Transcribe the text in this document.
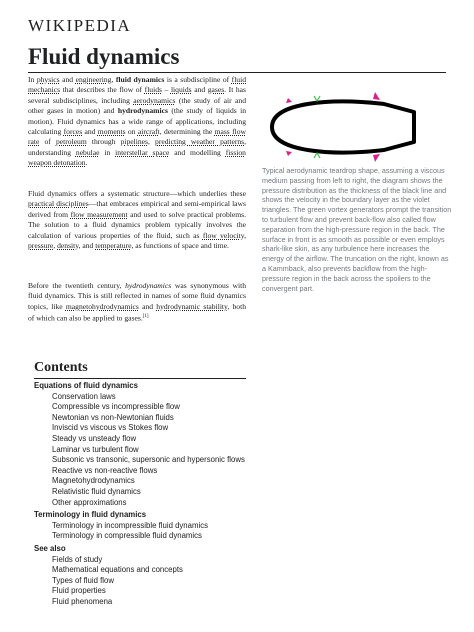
WIKIPEDIA
Fluid dynamics
In physics and engineering, fluid dynamics is a subdiscipline of fluid mechanics that describes the flow of fluids – liquids and gases. It has several subdisciplines, including aerodynamics (the study of air and other gases in motion) and hydrodynamics (the study of liquids in motion). Fluid dynamics has a wide range of applications, including calculating forces and moments on aircraft, determining the mass flow rate of petroleum through pipelines, predicting weather patterns, understanding nebulae in interstellar space and modelling fission weapon detonation.
Fluid dynamics offers a systematic structure—which underlies these practical disciplines—that embraces empirical and semi-empirical laws derived from flow measurement and used to solve practical problems. The solution to a fluid dynamics problem typically involves the calculation of various properties of the fluid, such as flow velocity, pressure, density, and temperature, as functions of space and time.
Before the twentieth century, hydrodynamics was synonymous with fluid dynamics. This is still reflected in names of some fluid dynamics topics, like magnetohydrodynamics and hydrodynamic stability, both of which can also be applied to gases.[1]
Typical aerodynamic teardrop shape, assuming a viscous medium passing from left to right, the diagram shows the pressure distribution as the thickness of the black line and shows the velocity in the boundary layer as the violet triangles. The green vortex generators prompt the transition to turbulent flow and prevent back-flow also called flow separation from the high-pressure region in the back. The surface in front is as smooth as possible or even employs shark-like skin, as any turbulence here increases the energy of the airflow. The truncation on the right, known as a Kammback, also prevents backflow from the high-pressure region in the back across the spoilers to the convergent part.
Contents
Equations of fluid dynamics
Conservation laws
Compressible vs incompressible flow
Newtonian vs non-Newtonian fluids
Inviscid vs viscous vs Stokes flow
Steady vs unsteady flow
Laminar vs turbulent flow
Subsonic vs transonic, supersonic and hypersonic flows
Reactive vs non-reactive flows
Magnetohydrodynamics
Relativistic fluid dynamics
Other approximations
Terminology in fluid dynamics
Terminology in incompressible fluid dynamics
Terminology in compressible fluid dynamics
See also
Fields of study
Mathematical equations and concepts
Types of fluid flow
Fluid properties
Fluid phenomena
